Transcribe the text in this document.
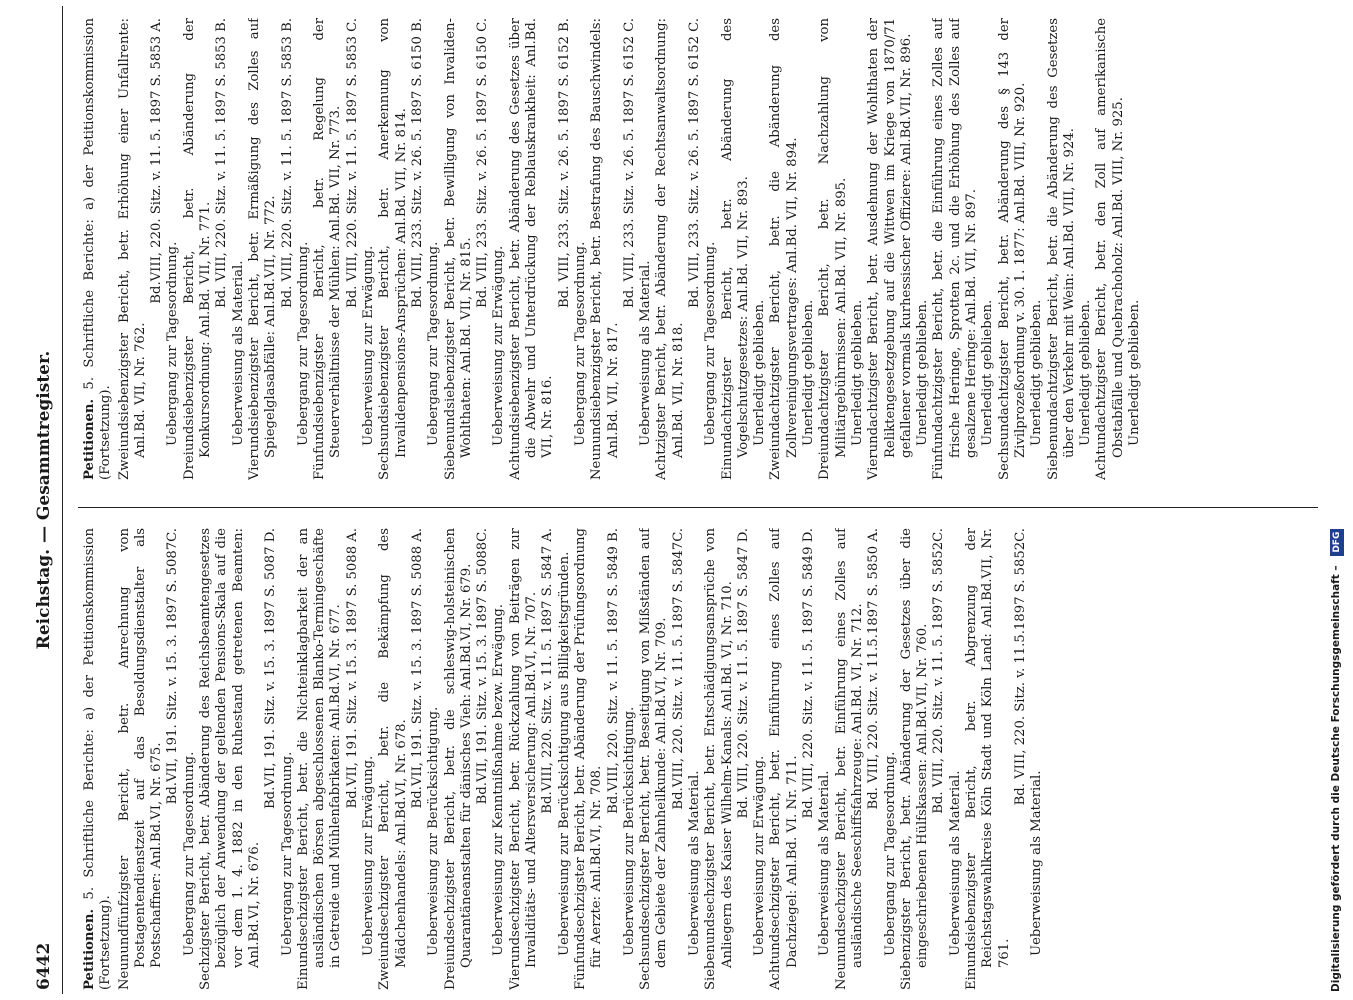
6442
Reichstag. — Gesammtregister.

Petitionen. 5. Schriftliche Berichte: a) der Petitionskommission (Fortsetzung). Neunundfünfzigster Bericht, betr. Anrechnung von Postagentendienstzeit auf das Besoldungsdienstalter als Postschaffner: Anl.Bd.VI, Nr. 675.

Bd.VII, 191. Sitz. v. 15. 3. 1897 S. 5087C.

Uebergang zur Tagesordnung. Sechzigster Bericht, betr. Abänderung des Reichsbeamtengesetzes bezüglich der Anwendung der geltenden Pensions-Skala auf die vor dem 1. 4. 1882 in den Ruhestand getretenen Beamten: Anl.Bd.VI, Nr. 676.

Bd.VII, 191. Sitz. v. 15. 3. 1897 S. 5087 D.

Uebergang zur Tagesordnung. Einundsechzigster Bericht, betr. die Nichteinklagbarkeit der an ausländischen Börsen abgeschlossenen Blanko-Termingeschäfte in Getreide und Mühlenfabrikaten: Anl.Bd.VI, Nr. 677. Bd.VII, 191. Sitz. v. 15. 3. 1897 S. 5088 A.

Ueberweisung zur Erwägung. Zweiundsechzigster Bericht, betr. die Bekämpfung des Mädchenhandels: Anl.Bd.VI, Nr. 678.

Bd.VII, 191. Sitz. v. 15. 3. 1897 S. 5088 A.

Ueberweisung zur Berücksichtigung. Dreiundsechzigster Bericht, betr. die schleswig-holsteinischen Quarantäneanstalten für dänisches Vieh: Anl.Bd.VI, Nr. 679. Bd.VII, 191. Sitz. v. 15. 3. 1897 S. 5088C. Ueberweisung zur Kenntnißnahme bezw. Erwägung. Vierundsechzigster Bericht, betr. Rückzahlung von Beiträgen zur Invaliditäts- und Altersversicherung: Anl.Bd.VI, Nr. 707. Bd.VIII, 220. Sitz. v. 11. 5. 1897 S. 5847 A. Ueberweisung zur Berücksichtigung aus Billigkeitsgründen. Fünfundsechzigster Bericht, betr. Abänderung der Prüfungsordnung für Aerzte: Anl.Bd.VI, Nr. 708.

Bd.VIII, 220. Sitz. v. 11. 5. 1897 S. 5849 B.

Ueberweisung zur Berücksichtigung. Sechsundsechzigster Bericht, betr. Beseitigung von Mißständen auf dem Gebiete der Zahnheilkunde: Anl.Bd.VI, Nr. 709. Bd.VIII, 220. Sitz. v. 11. 5. 1897 S. 5847C.

Ueberweisung als Material. Siebenundsechzigster Bericht, betr. Entschädigungsansprüche von Anliegern des Kaiser Wilhelm-Kanals: Anl.Bd. VI, Nr. 710. Bd. VIII, 220. Sitz. v. 11. 5. 1897 S. 5847 D.

Ueberweisung zur Erwägung. Achtundsechzigster Bericht, betr. Einführung eines Zolles auf Dachziegel: Anl.Bd. VI. Nr. 711.

Bd. VIII, 220. Sitz. v. 11. 5. 1897 S. 5849 D.

Ueberweisung als Material. Neunundsechzigster Bericht, betr. Einführung eines Zolles auf ausländische Seeschiffsfahrzeuge: Anl.Bd. VI, Nr. 712. Bd. VIII, 220. Sitz. v. 11.5.1897 S. 5850 A.

Uebergang zur Tagesordnung. Siebenzigster Bericht, betr. Abänderung der Gesetzes über die eingeschriebenen Hülfskassen: Anl.Bd.VII, Nr. 760. Bd. VIII, 220. Sitz. v. 11. 5. 1897 S. 5852C.

Ueberweisung als Material. Einundsiebenzigster Bericht, betr. Abgrenzung der Reichstagswahlkreise Köln Stadt und Köln Land: Anl.Bd.VII, Nr. 761.

Bd. VIII, 220. Sitz. v. 11.5.1897 S. 5852C.

Ueberweisung als Material.

Petitionen. 5. Schriftliche Berichte: a) der Petitionskommission (Fortsetzung). Zweiundsiebenzigster Bericht, betr. Erhöhung einer Unfallrente: Anl.Bd. VII, Nr. 762.

Bd.VIII, 220. Sitz. v. 11. 5. 1897 S. 5853 A.

Uebergang zur Tagesordnung. Dreiundsiebenzigster Bericht, betr. Abänderung der Konkursordnung: Anl.Bd. VII, Nr. 771.

Bd. VIII, 220. Sitz. v. 11. 5. 1897 S. 5853 B.

Ueberweisung als Material. Vierundsiebenzigster Bericht, betr. Ermäßigung des Zolles auf Spiegelglasabfälle: Anl.Bd.VII, Nr. 772.

Bd. VIII, 220. Sitz. v. 11. 5. 1897 S. 5853 B.

Uebergang zur Tagesordnung. Fünfundsiebenzigster Bericht, betr. Regelung der Steuerverhältnisse der Mühlen: Anl.Bd. VII, Nr. 773. Bd. VIII, 220. Sitz. v. 11. 5. 1897 S. 5853 C.

Ueberweisung zur Erwägung. Sechsundsiebenzigster Bericht, betr. Anerkennung von Invalidenpensions-Ansprüchen: Anl.Bd. VII, Nr. 814. Bd. VIII, 233. Sitz. v. 26. 5. 1897 S. 6150 B.

Uebergang zur Tagesordnung. Siebenundsiebenzigster Bericht, betr. Bewilligung von Invaliden-Wohlthaten: Anl.Bd. VII, Nr. 815.

Bd. VIII, 233. Sitz. v. 26. 5. 1897 S. 6150 C.

Ueberweisung zur Erwägung. Achtundsiebenzigster Bericht, betr. Abänderung des Gesetzes über die Abwehr und Unterdrückung der Reblauskrankheit: Anl.Bd. VII, Nr. 816.

Bd. VIII, 233. Sitz. v. 26. 5. 1897 S. 6152 B.

Uebergang zur Tagesordnung. Neunundsiebenzigster Bericht, betr. Bestrafung des Bauschwindels: Anl.Bd. VII, Nr. 817.

Bd. VIII, 233. Sitz. v. 26. 5. 1897 S. 6152 C.

Ueberweisung als Material. Achtzigster Bericht, betr. Abänderung der Rechtsanwaltsordnung: Anl.Bd. VII, Nr. 818.

Bd. VIII, 233. Sitz. v. 26. 5. 1897 S. 6152 C.

Uebergang zur Tagesordnung. Einundachtzigster Bericht, betr. Abänderung des Vogelschutzgesetzes: Anl.Bd. VII, Nr. 893. Unerledigt geblieben. Zweiundachtzigster Bericht, betr. die Abänderung des Zollvereinigungsvertrages: Anl.Bd. VII, Nr. 894. Unerledigt geblieben. Dreiundachtzigster Bericht, betr. Nachzahlung von Militärgebührnissen: Anl.Bd. VII, Nr. 895. Unerledigt geblieben. Vierundachtzigster Bericht, betr. Ausdehnung der Wohlthaten der Reliktengesetzgebung auf die Wittwen im Kriege von 1870/71 gefallener vormals kurhessischer Offiziere: Anl.Bd.VII, Nr. 896. Unerledigt geblieben. Fünfundachtzigster Bericht, betr. die Einführung eines Zolles auf frische Heringe, Sprotten 2c. und die Erhöhung des Zolles auf gesalzene Heringe: Anl.Bd. VII, Nr. 897. Unerledigt geblieben. Sechsundachtzigster Bericht, betr. Abänderung des § 143 der Zivilprozeßordnung v. 30. 1. 1877: Anl.Bd. VIII, Nr. 920. Unerledigt geblieben. Siebenundachtzigster Bericht, betr. die Abänderung des Gesetzes über den Verkehr mit Wein: Anl.Bd. VIII, Nr. 924. Unerledigt geblieben. Achtundachtzigster Bericht, betr. den Zoll auf amerikanische Obstabfälle und Quebrachoholz: Anl.Bd. VIII, Nr. 925. Unerledigt geblieben.

Digitalisierung gefördert durch die Deutsche Forschungsgemeinschaft – DFG
